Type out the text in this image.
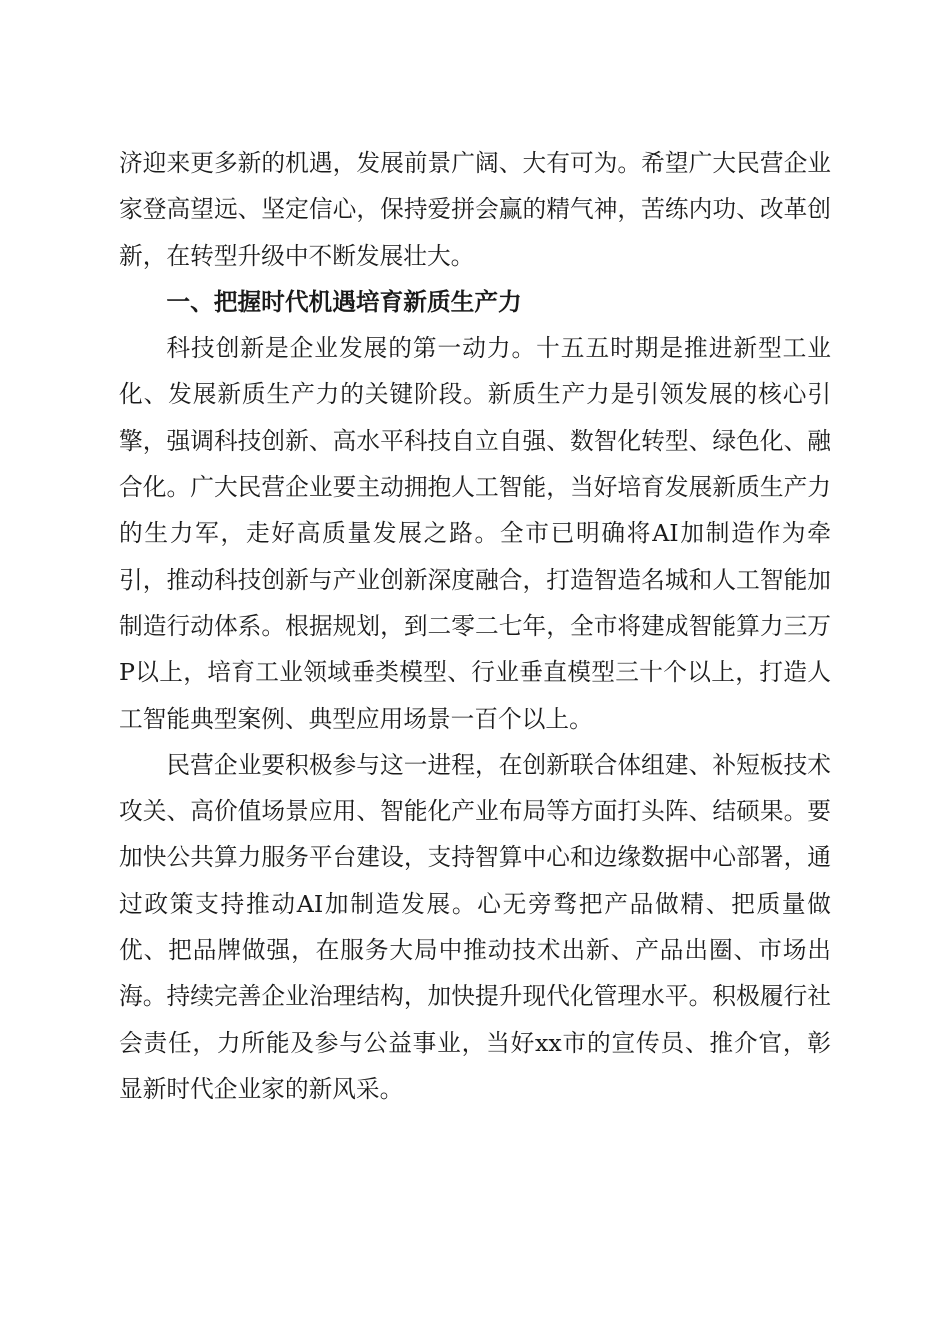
济迎来更多新的机遇，发展前景广阔、大有可为。希望广大民营企业家登高望远、坚定信心，保持爱拼会赢的精气神，苦练内功、改革创新，在转型升级中不断发展壮大。

一、把握时代机遇培育新质生产力

科技创新是企业发展的第一动力。十五五时期是推进新型工业化、发展新质生产力的关键阶段。新质生产力是引领发展的核心引擎，强调科技创新、高水平科技自立自强、数智化转型、绿色化、融合化。广大民营企业要主动拥抱人工智能，当好培育发展新质生产力的生力军，走好高质量发展之路。全市已明确将AI加制造作为牵引，推动科技创新与产业创新深度融合，打造智造名城和人工智能加制造行动体系。根据规划，到二零二七年，全市将建成智能算力三万P以上，培育工业领域垂类模型、行业垂直模型三十个以上，打造人工智能典型案例、典型应用场景一百个以上。

民营企业要积极参与这一进程，在创新联合体组建、补短板技术攻关、高价值场景应用、智能化产业布局等方面打头阵、结硕果。要加快公共算力服务平台建设，支持智算中心和边缘数据中心部署，通过政策支持推动AI加制造发展。心无旁骛把产品做精、把质量做优、把品牌做强，在服务大局中推动技术出新、产品出圈、市场出海。持续完善企业治理结构，加快提升现代化管理水平。积极履行社会责任，力所能及参与公益事业，当好xx市的宣传员、推介官，彰显新时代企业家的新风采。
